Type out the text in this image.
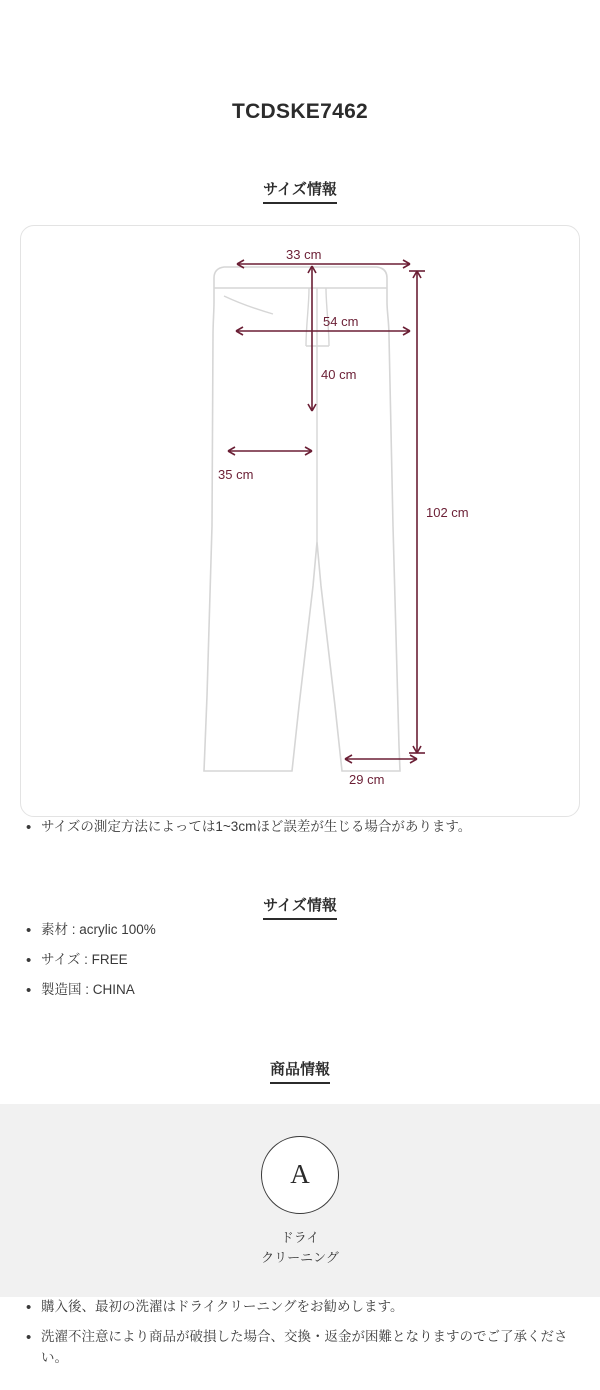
TCDSKE7462
サイズ情報
33 cm
54 cm
40 cm
35 cm
102 cm
29 cm
• サイズの測定方法によっては1~3cmほど誤差が生じる場合があります。
サイズ情報
• 素材 : acrylic 100%
• サイズ : FREE
• 製造国 : CHINA
商品情報
A
ドライ
クリーニング
• 購入後、最初の洗濯はドライクリーニングをお勧めします。
• 洗濯不注意により商品が破損した場合、交換・返金が困難となりますのでご了承ください。
